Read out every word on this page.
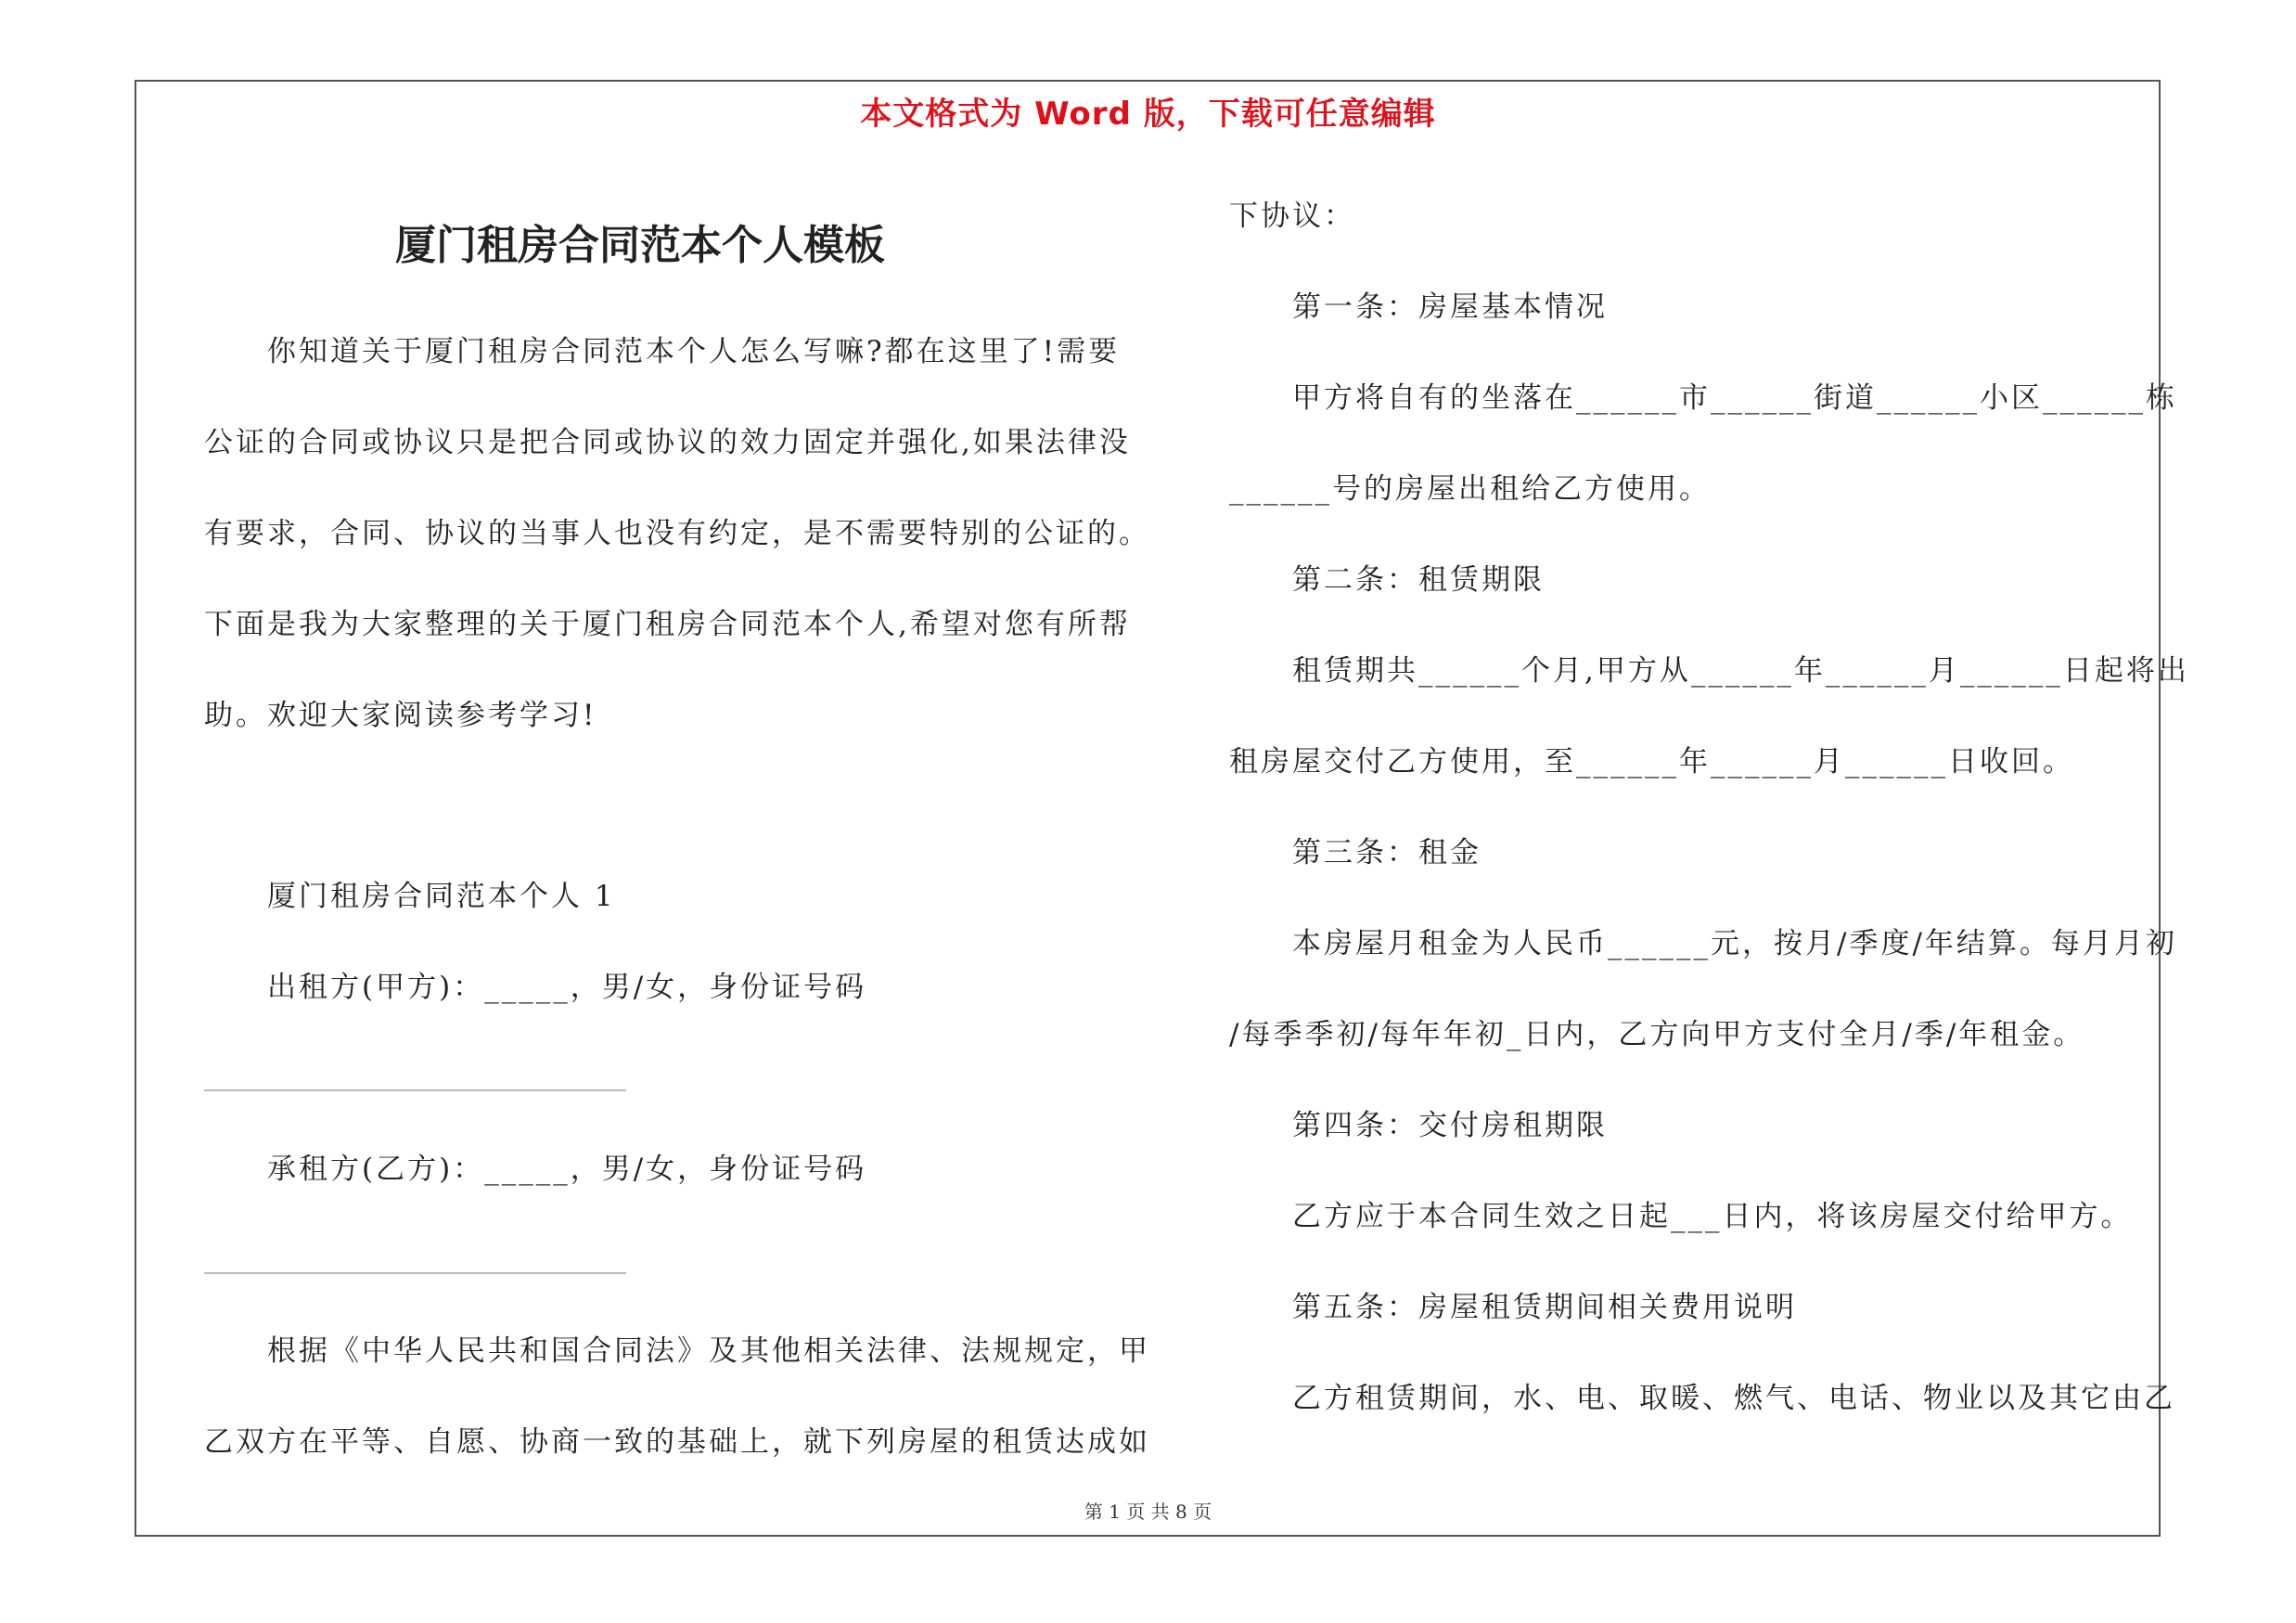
本文格式为 Word 版，下载可任意编辑
厦门租房合同范本个人模板
你知道关于厦门租房合同范本个人怎么写嘛?都在这里了!需要
公证的合同或协议只是把合同或协议的效力固定并强化,如果法律没
有要求，合同、协议的当事人也没有约定，是不需要特别的公证的。
下面是我为大家整理的关于厦门租房合同范本个人,希望对您有所帮
助。欢迎大家阅读参考学习!
厦门租房合同范本个人 1
出租方(甲方)：_____，男/女，身份证号码
承租方(乙方)：_____，男/女，身份证号码
根据《中华人民共和国合同法》及其他相关法律、法规规定，甲
乙双方在平等、自愿、协商一致的基础上，就下列房屋的租赁达成如
下协议：
第一条：房屋基本情况
甲方将自有的坐落在______市______街道______小区______栋
______号的房屋出租给乙方使用。
第二条：租赁期限
租赁期共______个月,甲方从______年______月______日起将出
租房屋交付乙方使用，至______年______月______日收回。
第三条：租金
本房屋月租金为人民币______元，按月/季度/年结算。每月月初
/每季季初/每年年初_日内，乙方向甲方支付全月/季/年租金。
第四条：交付房租期限
乙方应于本合同生效之日起___日内，将该房屋交付给甲方。
第五条：房屋租赁期间相关费用说明
乙方租赁期间，水、电、取暖、燃气、电话、物业以及其它由乙
第 1 页 共 8 页
